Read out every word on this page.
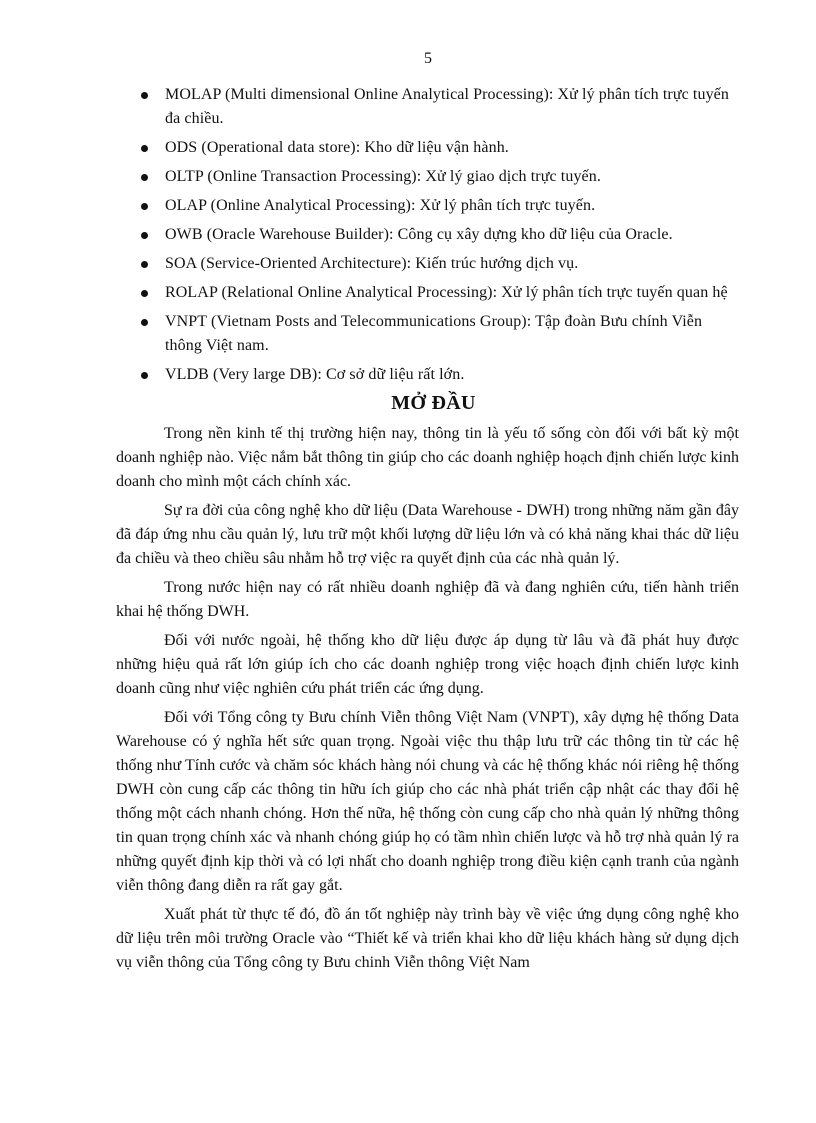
5
MOLAP (Multi dimensional Online Analytical Processing): Xử lý phân tích trực tuyến đa chiều.
ODS (Operational data store): Kho dữ liệu vận hành.
OLTP (Online Transaction Processing): Xử lý giao dịch trực tuyến.
OLAP (Online Analytical Processing): Xử lý phân tích trực tuyến.
OWB (Oracle Warehouse Builder): Công cụ xây dựng kho dữ liệu của Oracle.
SOA (Service-Oriented Architecture): Kiến trúc hướng dịch vụ.
ROLAP (Relational Online Analytical Processing): Xử lý phân tích trực tuyến quan hệ
VNPT (Vietnam Posts and Telecommunications Group): Tập đoàn Bưu chính Viễn thông Việt nam.
VLDB (Very large DB): Cơ sở dữ liệu rất lớn.
MỞ ĐẦU

Trong nền kinh tế thị trường hiện nay, thông tin là yếu tố sống còn đối với bất kỳ một doanh nghiệp nào. Việc nắm bắt thông tin giúp cho các doanh nghiệp hoạch định chiến lược kinh doanh cho mình một cách chính xác.

Sự ra đời của công nghệ kho dữ liệu (Data Warehouse - DWH) trong những năm gần đây đã đáp ứng nhu cầu quản lý, lưu trữ một khối lượng dữ liệu lớn và có khả năng khai thác dữ liệu đa chiều và theo chiều sâu nhằm hỗ trợ việc ra quyết định của các nhà quản lý.

Trong nước hiện nay có rất nhiều doanh nghiệp đã và đang nghiên cứu, tiến hành triển khai hệ thống DWH.

Đối với nước ngoài, hệ thống kho dữ liệu được áp dụng từ lâu và đã phát huy được những hiệu quả rất lớn giúp ích cho các doanh nghiệp trong việc hoạch định chiến lược kinh doanh cũng như việc nghiên cứu phát triển các ứng dụng.

Đối với Tổng công ty Bưu chính Viễn thông Việt Nam (VNPT), xây dựng hệ thống Data Warehouse có ý nghĩa hết sức quan trọng. Ngoài việc thu thập lưu trữ các thông tin từ các hệ thống như Tính cước và chăm sóc khách hàng nói chung và các hệ thống khác nói riêng hệ thống DWH còn cung cấp các thông tin hữu ích giúp cho các nhà phát triển cập nhật các thay đổi hệ thống một cách nhanh chóng. Hơn thế nữa, hệ thống còn cung cấp cho nhà quản lý những thông tin quan trọng chính xác và nhanh chóng giúp họ có tầm nhìn chiến lược và hỗ trợ nhà quản lý ra những quyết định kịp thời và có lợi nhất cho doanh nghiệp trong điều kiện cạnh tranh của ngành viễn thông đang diễn ra rất gay gắt.

Xuất phát từ thực tế đó, đồ án tốt nghiệp này trình bày về việc ứng dụng công nghệ kho dữ liệu trên môi trường Oracle vào “Thiết kế và triển khai kho dữ liệu khách hàng sử dụng dịch vụ viễn thông của Tổng công ty Bưu chinh Viễn thông Việt Nam
